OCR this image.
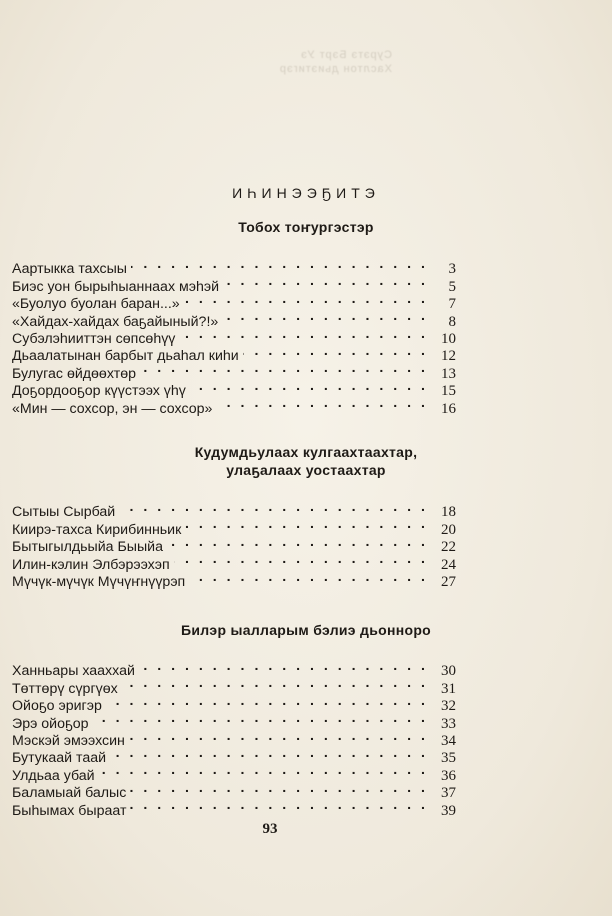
Сурэтэ Бэрт Уэ
Хаслтон дьиэтигэр
ИҺИНЭЭҔИТЭ
Тобох тоҥургэстэр
Аартыкка тахсыы . . .	3
Биэс уон бырыһыаннаах мэһэй . . .	5
«Буолуо буолан баран...» . . .	7
«Хайдах-хайдах баҕайыный?!» . . .	8
Субэлэһииттэн сөпсөһүү . . .	10
Дьаалатынан барбыт дьаһал киһи . . .	12
Булугас өйдөөхтөр . . .	13
Доҕордооҕор күүстээх үһү . . .	15
«Мин — сохсор, эн — сохсор» . . .	16
Кудумдьулаах кулгаахтаахтар,
улаҕалаах уостаахтар
Сытыы Сырбай . . .	18
Киирэ-тахса Кирибинньик . . .	20
Бытыгылдьыйа Быыйа . . .	22
Илин-кэлин Элбэрээхэп . . .	24
Мүчүк-мүчүк Мүчүҥнүүрэп . . .	27
Билэр ыалларым бэлиэ дьонноро
Ханньары хааххай . . .	30
Төттөрү сүргүөх . . .	31
Ойоҕо эригэр . . .	32
Эрэ ойоҕор . . .	33
Мэскэй эмээхсин . . .	34
Бутукаай таай . . .	35
Улдьаа убай . . .	36
Баламыай балыс . . .	37
Быһымах быраат . . .	39
93
